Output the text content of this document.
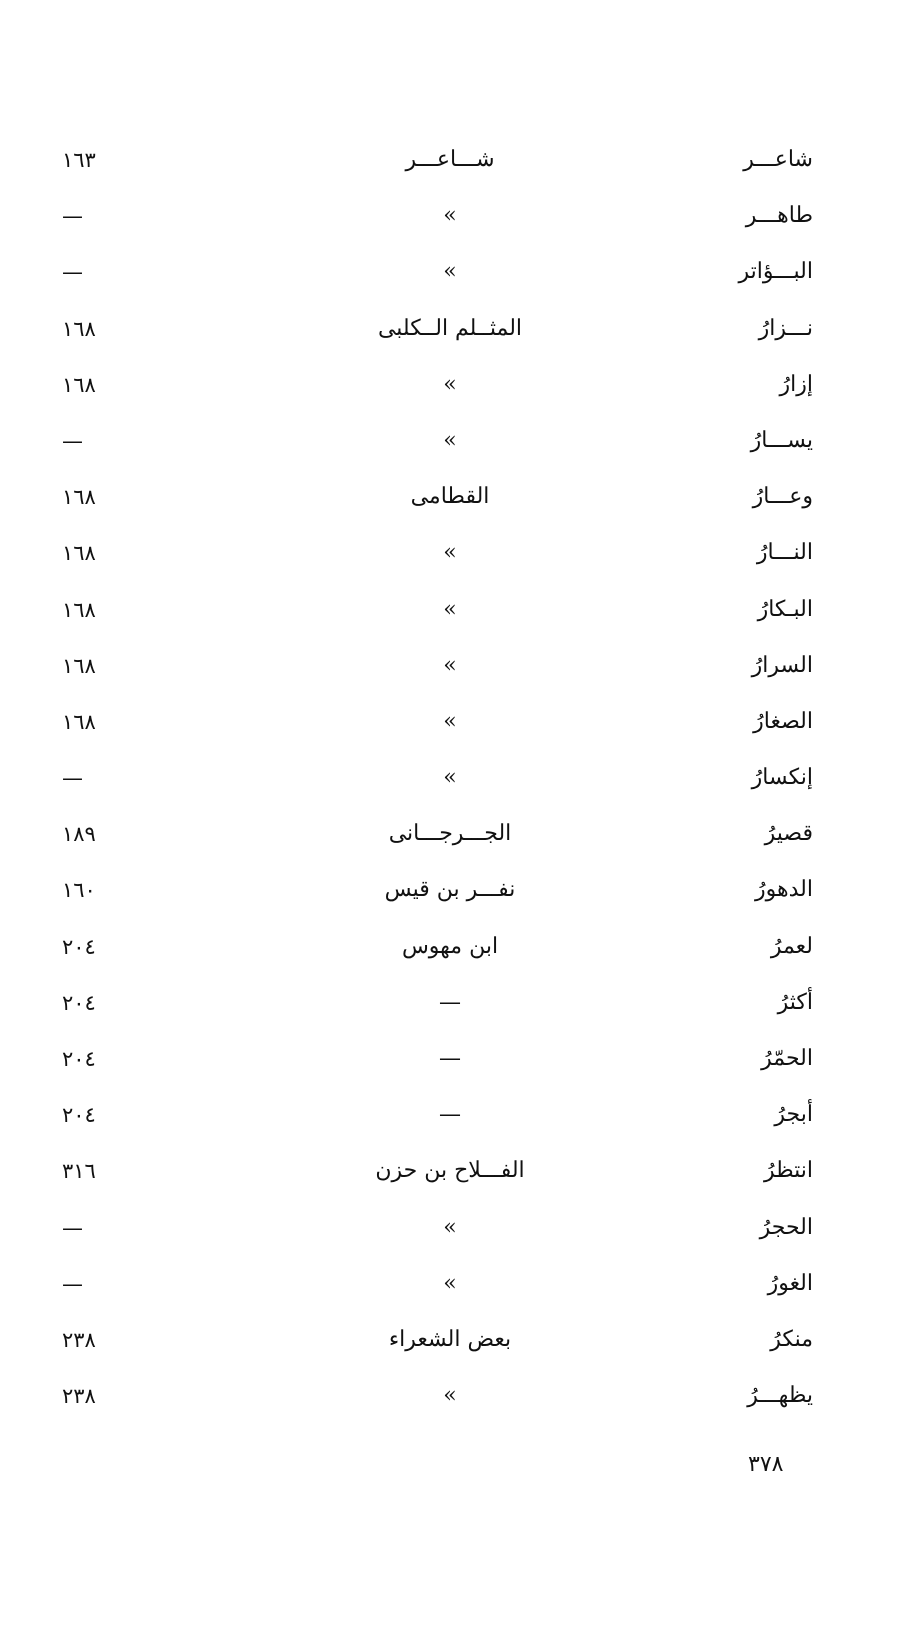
شاعـــر
شـــاعـــر
١٦٣
طاهـــر
»
—
البـــؤاتر
»
—
نـــزارُ
المثــلم الــكلبى
١٦٨
إزارُ
»
١٦٨
يســـارُ
»
—
وعـــارُ
القطامى
١٦٨
النـــارُ
»
١٦٨
البـكارُ
»
١٦٨
السرارُ
»
١٦٨
الصغارُ
»
١٦٨
إنكسارُ
»
—
قصيرُ
الجـــرجـــانى
١٨٩
الدهورُ
نفـــر بن قيس
١٦٠
لعمرُ
ابن مهوس
٢٠٤
أكثرُ
—
٢٠٤
الحمّرُ
—
٢٠٤
أبجرُ
—
٢٠٤
انتظرُ
الفـــلاح بن حزن
٣١٦
الحجرُ
»
—
الغورُ
»
—
منكرُ
بعض الشعراء
٢٣٨
يظهـــرُ
»
٢٣٨
٣٧٨
